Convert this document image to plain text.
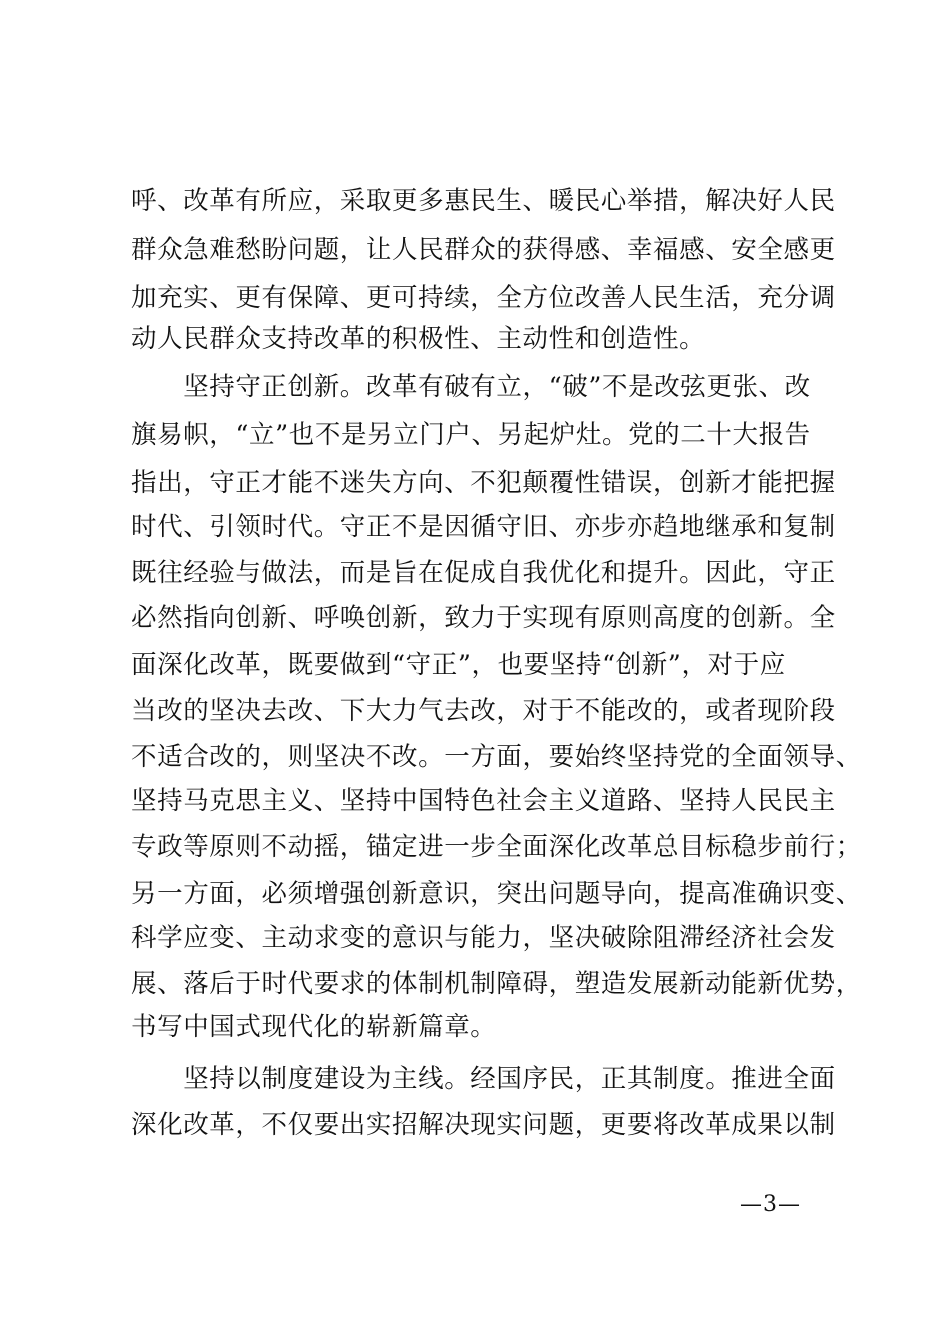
呼、改革有所应，采取更多惠民生、暖民心举措，解决好人民
群众急难愁盼问题，让人民群众的获得感、幸福感、安全感更
加充实、更有保障、更可持续，全方位改善人民生活，充分调
动人民群众支持改革的积极性、主动性和创造性。
　　坚持守正创新。改革有破有立，“破”不是改弦更张、改
旗易帜，“立”也不是另立门户、另起炉灶。党的二十大报告
指出，守正才能不迷失方向、不犯颠覆性错误，创新才能把握
时代、引领时代。守正不是因循守旧、亦步亦趋地继承和复制
既往经验与做法，而是旨在促成自我优化和提升。因此，守正
必然指向创新、呼唤创新，致力于实现有原则高度的创新。全
面深化改革，既要做到“守正”，也要坚持“创新”，对于应
当改的坚决去改、下大力气去改，对于不能改的，或者现阶段
不适合改的，则坚决不改。一方面，要始终坚持党的全面领导、
坚持马克思主义、坚持中国特色社会主义道路、坚持人民民主
专政等原则不动摇，锚定进一步全面深化改革总目标稳步前行；
另一方面，必须增强创新意识，突出问题导向，提高准确识变、
科学应变、主动求变的意识与能力，坚决破除阻滞经济社会发
展、落后于时代要求的体制机制障碍，塑造发展新动能新优势，
书写中国式现代化的崭新篇章。
　　坚持以制度建设为主线。经国序民，正其制度。推进全面
深化改革，不仅要出实招解决现实问题，更要将改革成果以制
—3—
